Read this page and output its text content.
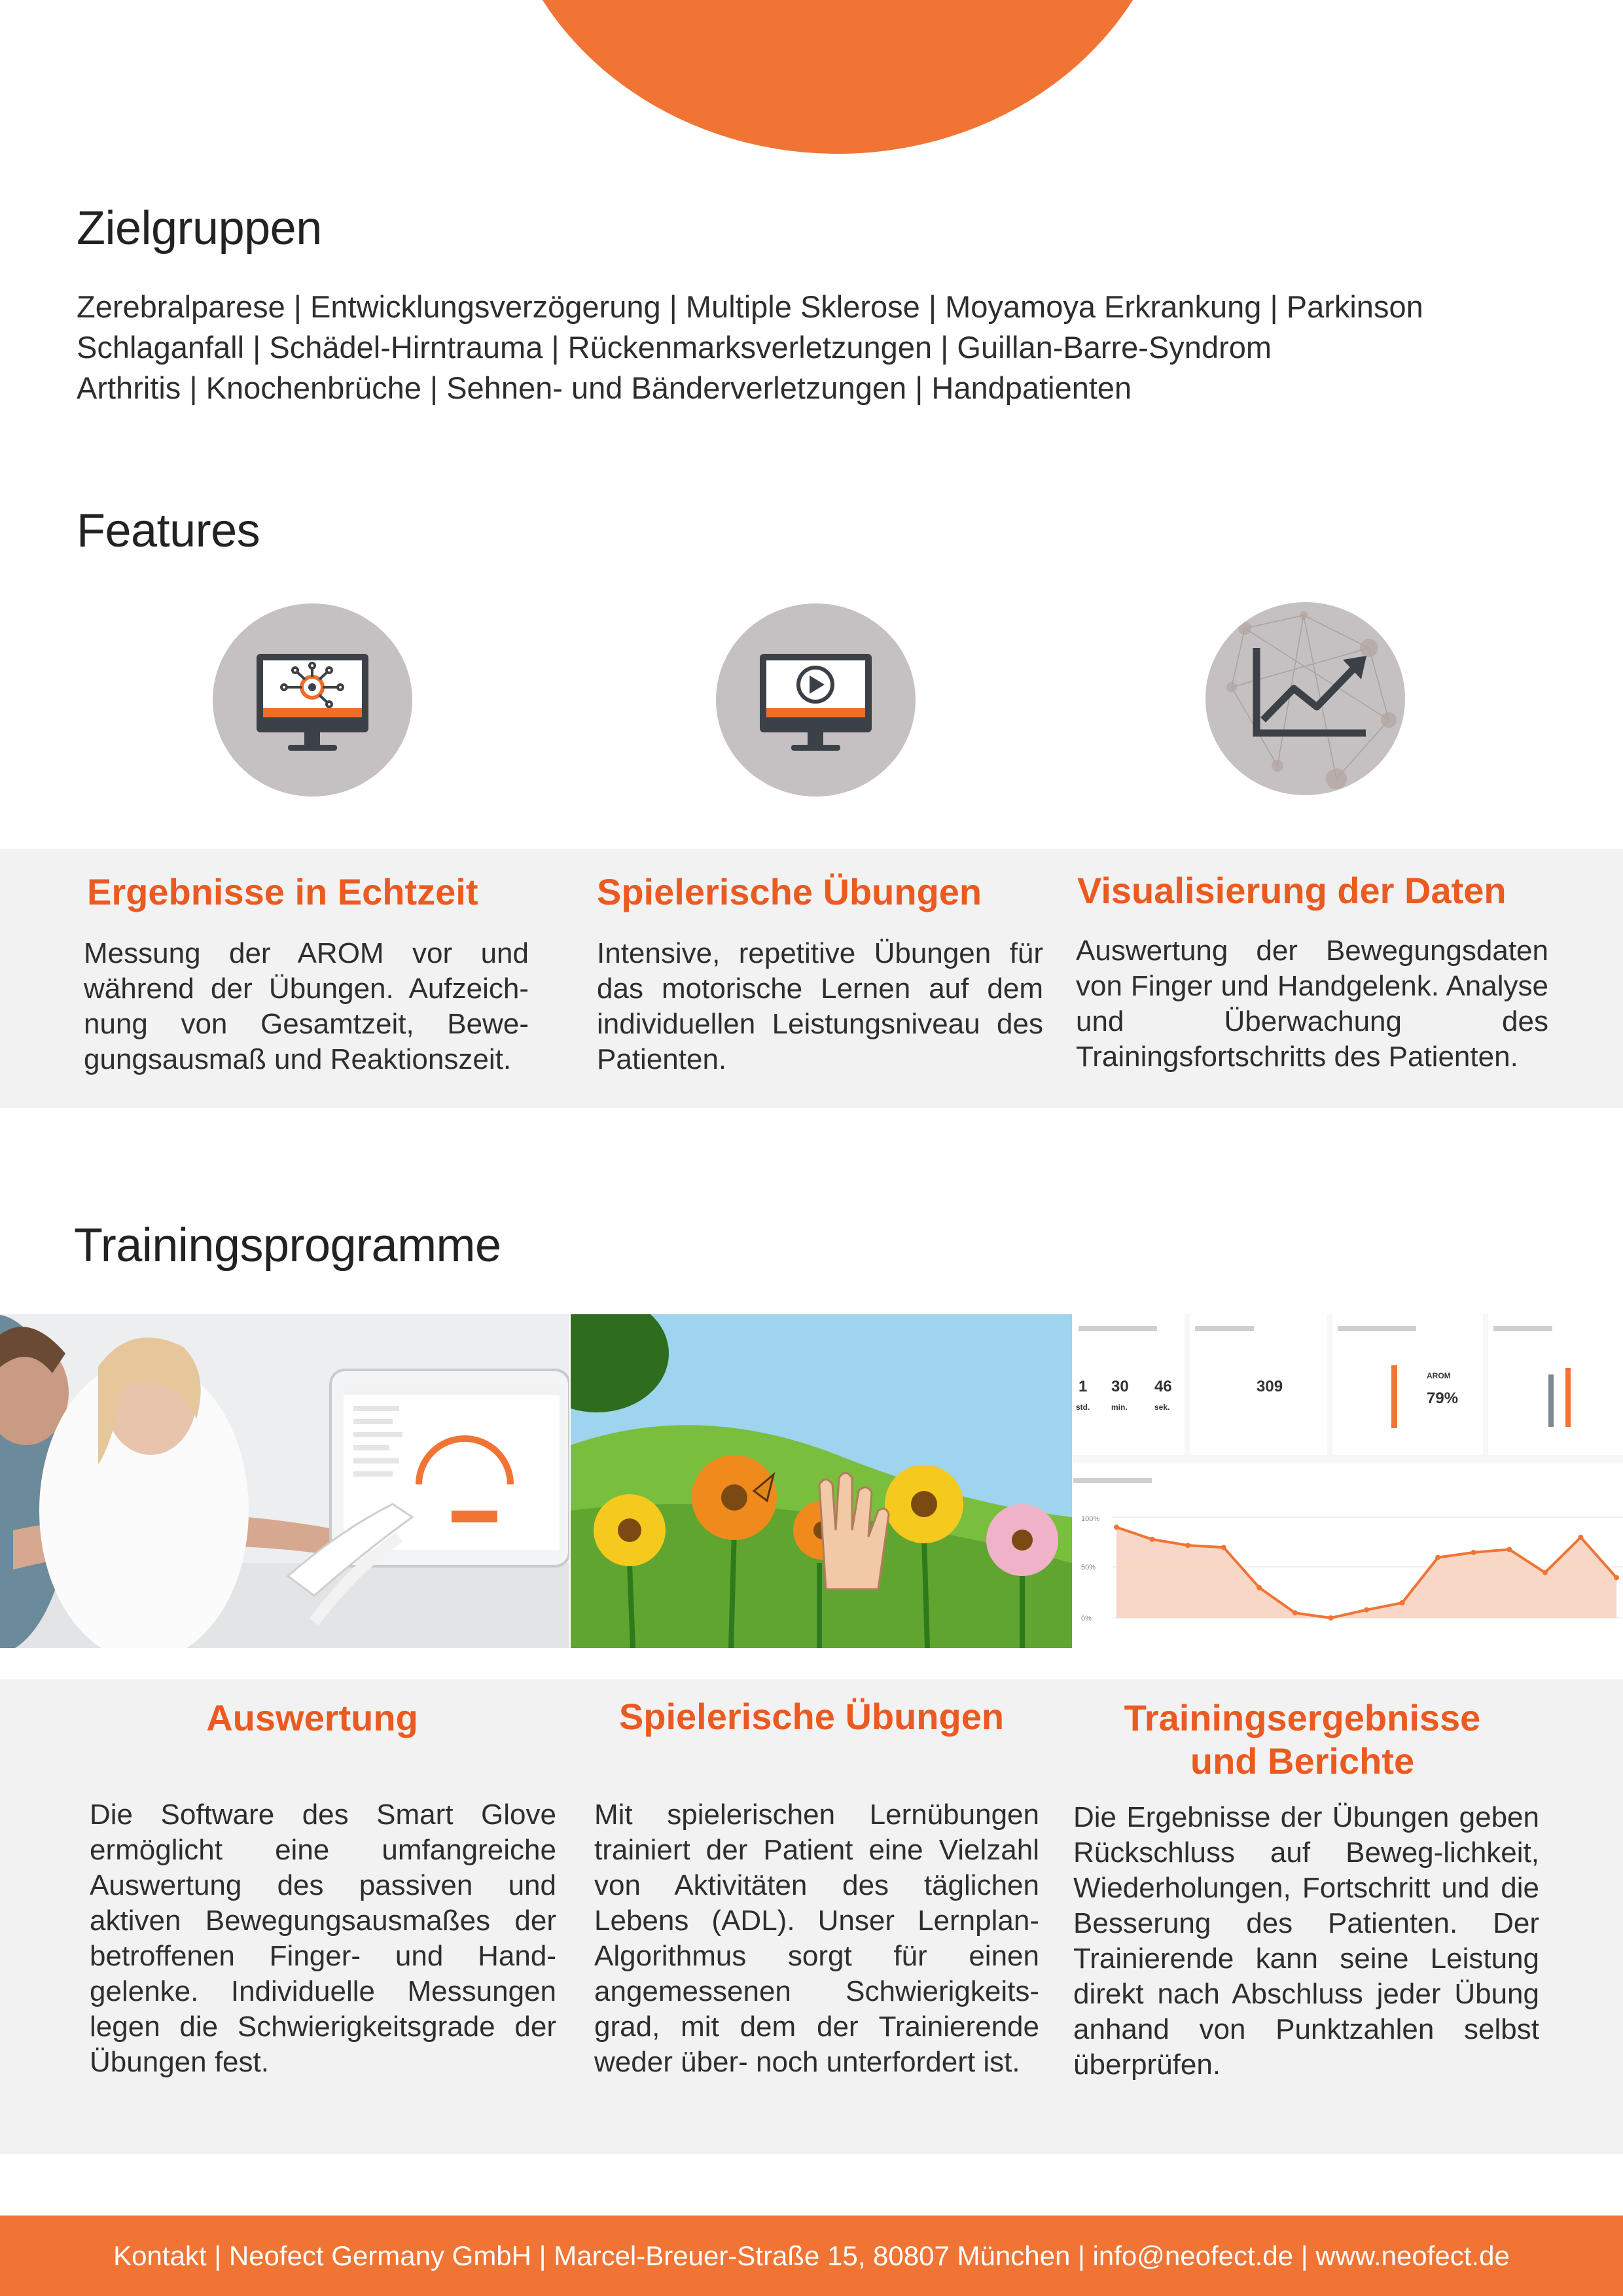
Zielgruppen
Zerebralparese | Entwicklungsverzögerung | Multiple Sklerose | Moyamoya Erkrankung | Parkinson
Schlaganfall | Schädel-Hirntrauma | Rückenmarksverletzungen | Guillan-Barre-Syndrom
Arthritis | Knochenbrüche | Sehnen- und Bänderverletzungen | Handpatienten
Features
Ergebnisse in Echtzeit
Messung der AROM vor und während der Übungen. Aufzeich-nung von Gesamtzeit, Bewe-gungsausmaß und Reaktionszeit.
Spielerische Übungen
Intensive, repetitive Übungen für das motorische Lernen auf dem individuellen Leistungsniveau des Patienten.
Visualisierung der Daten
Auswertung der Bewegungsdaten von Finger und Handgelenk. Analyse und Überwachung des Trainingsfortschritts des Patienten.
Trainingsprogramme
1 30 46
std.	min.	sek.
309
AROM
79%
100%
50%
0%
Auswertung
Die Software des Smart Glove ermöglicht eine umfangreiche Auswertung des passiven und aktiven Bewegungsausmaßes der betroffenen Finger- und Hand-gelenke. Individuelle Messungen legen die Schwierigkeitsgrade der Übungen fest.
Spielerische Übungen
Mit spielerischen Lernübungen trainiert der Patient eine Vielzahl von Aktivitäten des täglichen Lebens (ADL). Unser Lernplan-Algorithmus sorgt für einen angemessenen Schwierigkeits-grad, mit dem der Trainierende weder über- noch unterfordert ist.
Trainingsergebnisse
und Berichte
Die Ergebnisse der Übungen geben Rückschluss auf Beweg-lichkeit, Wiederholungen, Fortschritt und die Besserung des Patienten. Der Trainierende kann seine Leistung direkt nach Abschluss jeder Übung anhand von Punktzahlen selbst überprüfen.
Kontakt | Neofect Germany GmbH | Marcel-Breuer-Straße 15, 80807 München | info@neofect.de | www.neofect.de
